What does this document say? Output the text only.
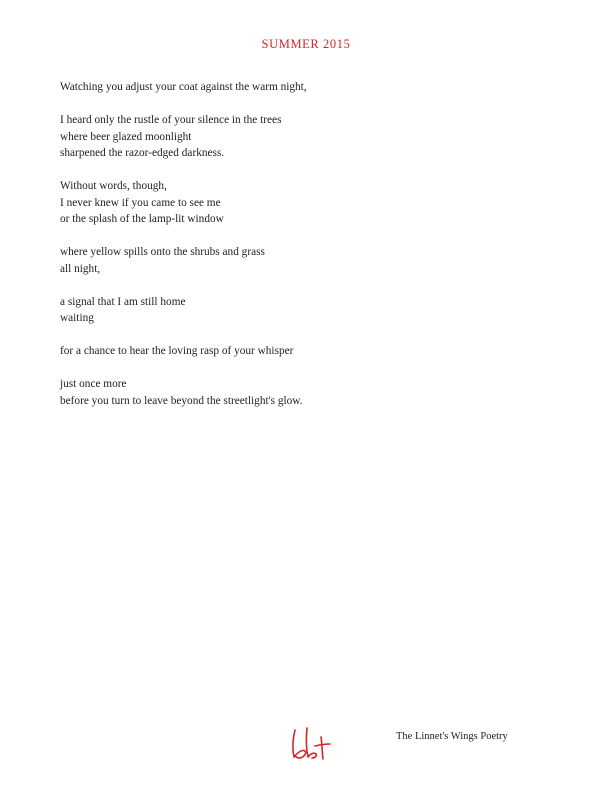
SUMMER 2015
Watching you adjust your coat against the warm night,
I heard only the rustle of your silence in the trees
where beer glazed moonlight
sharpened the razor-edged darkness.
Without words, though,
I never knew if you came to see me
or the splash of the lamp-lit window
where yellow spills onto the shrubs and grass
all night,
a signal that I am still home
waiting
for a chance to hear the loving rasp of your whisper
just once more
before you turn to leave beyond the streetlight's glow.
The Linnet's Wings Poetry
